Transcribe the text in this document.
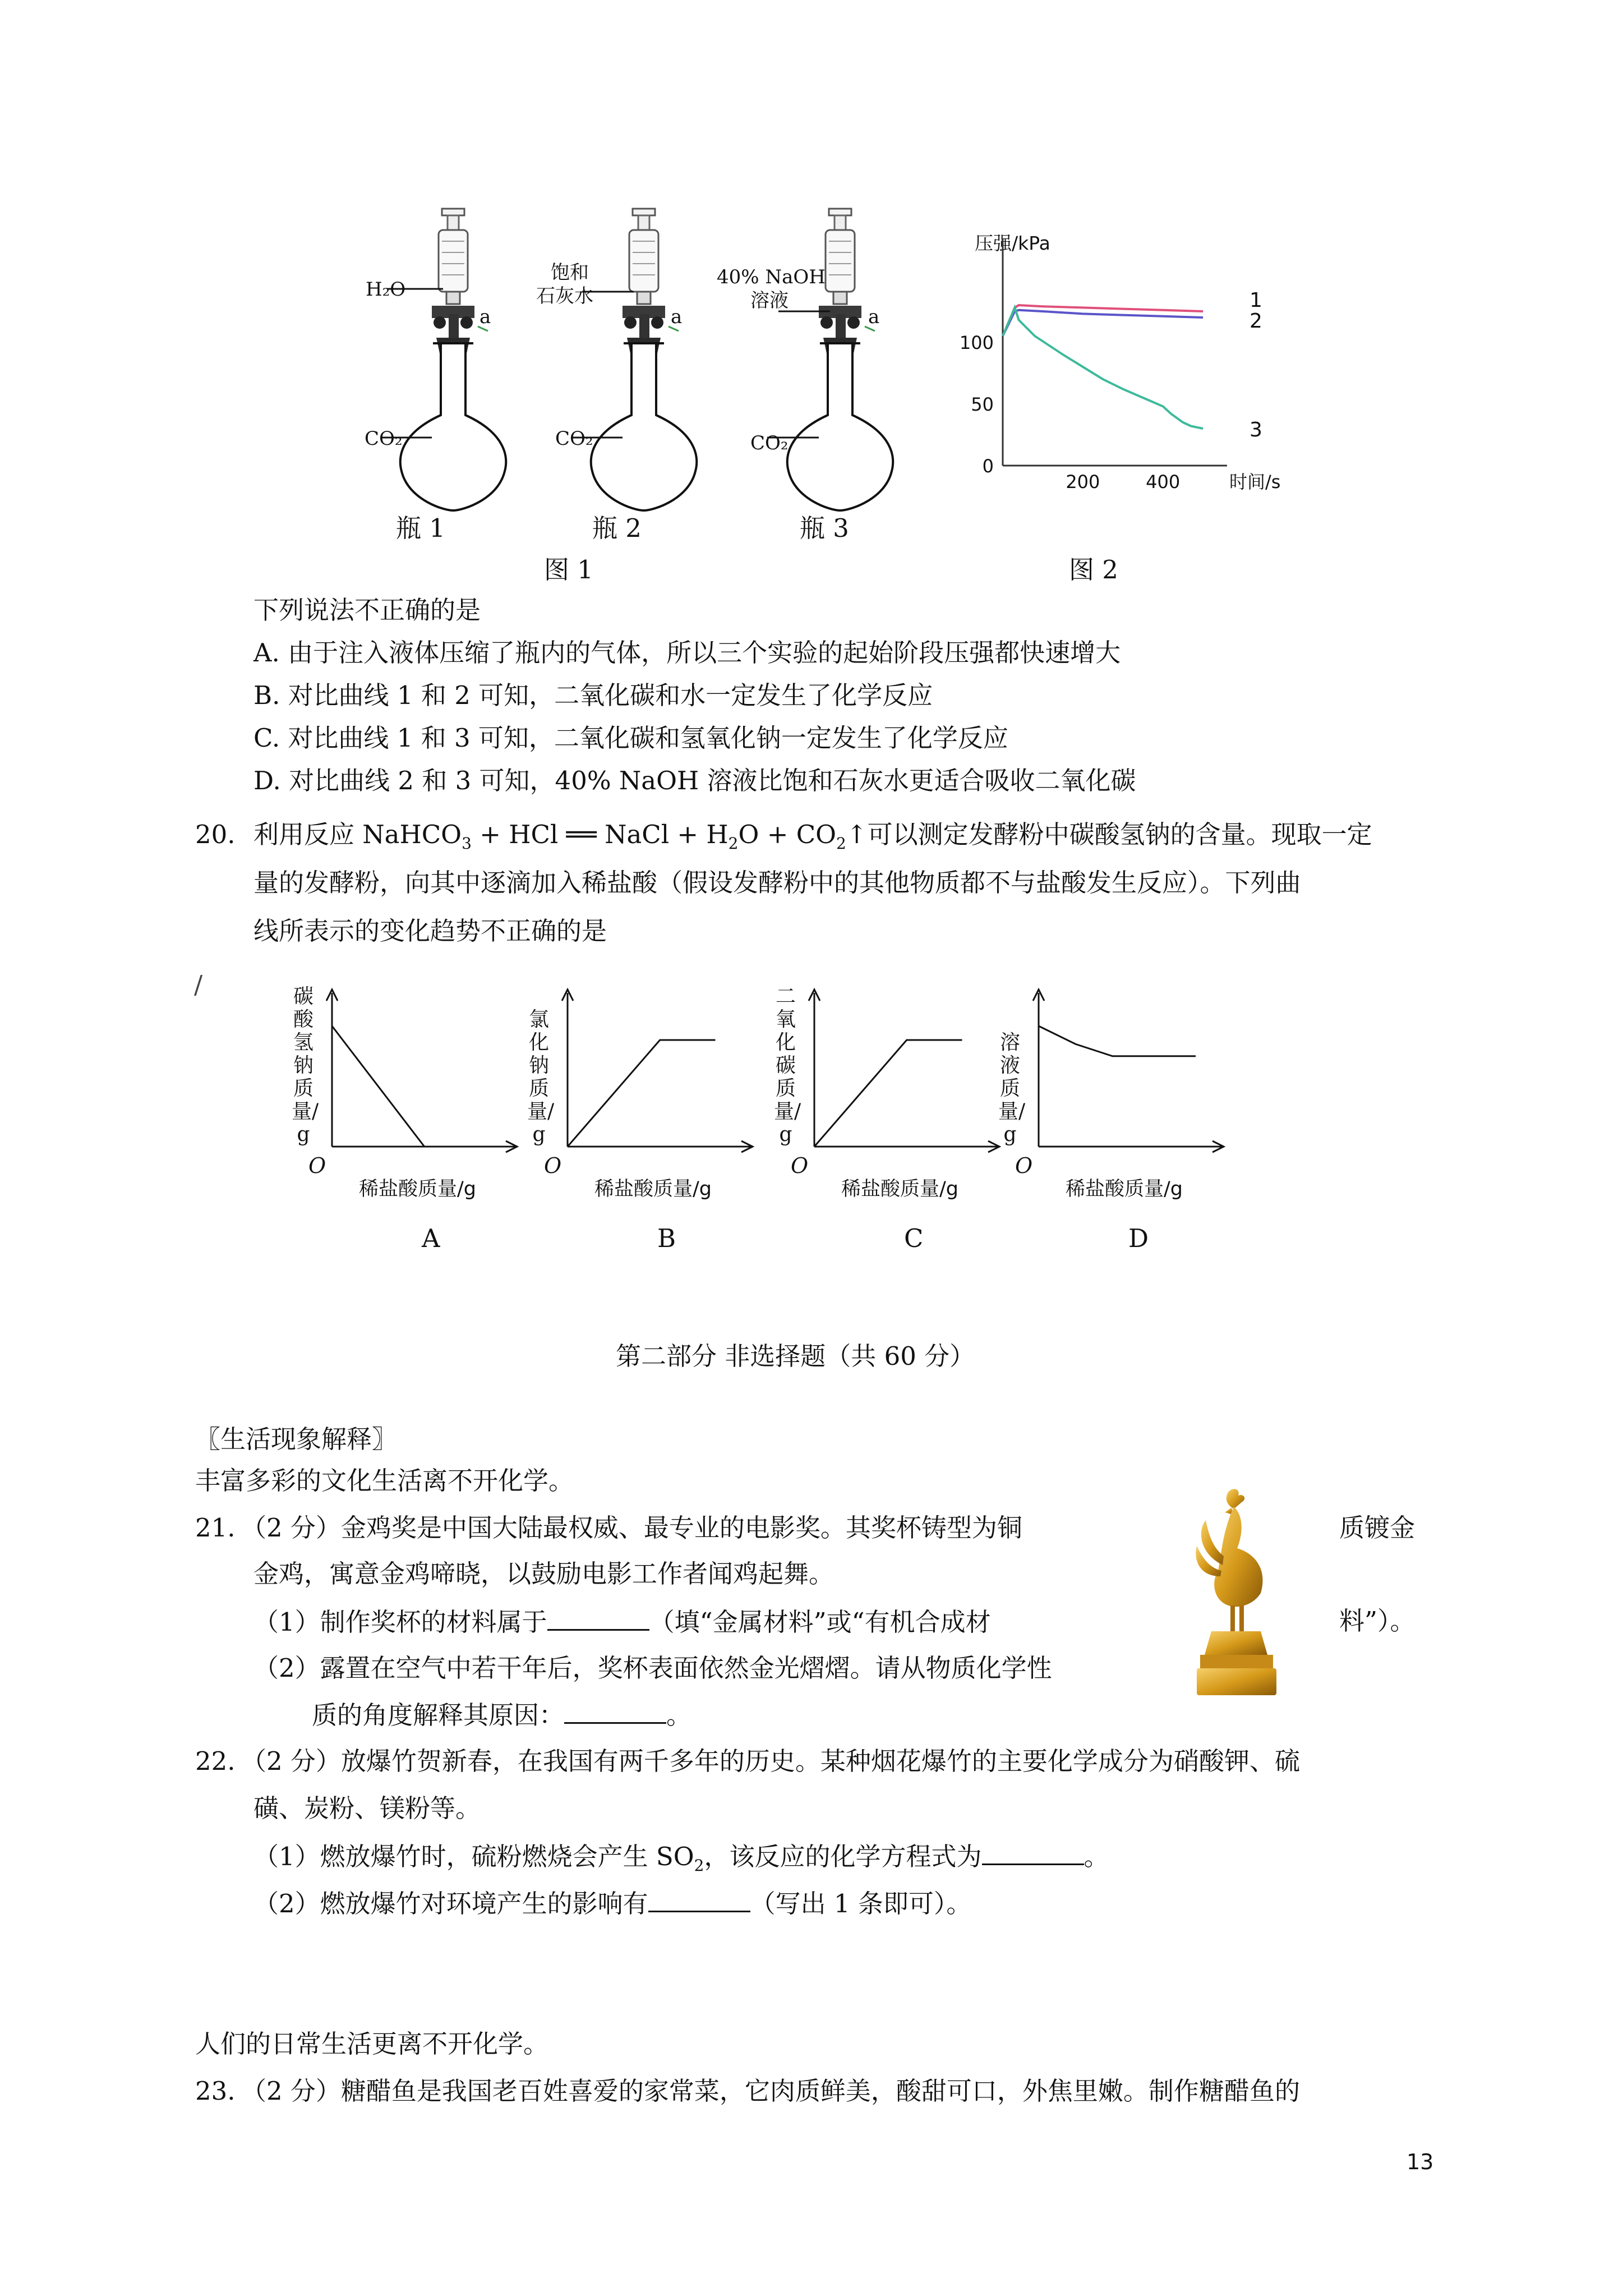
H₂O
a
CO₂
瓶 1
饱和
石灰水
a
CO₂
瓶 2
40% NaOH
溶液
a
CO₂
瓶 3
图 1
压强/kPa
0
50
100
200	400	时间/s
1
2
3
图 2
下列说法不正确的是
A. 由于注入液体压缩了瓶内的气体，所以三个实验的起始阶段压强都快速增大
B. 对比曲线 1 和 2 可知，二氧化碳和水一定发生了化学反应
C. 对比曲线 1 和 3 可知，二氧化碳和氢氧化钠一定发生了化学反应
D. 对比曲线 2 和 3 可知，40% NaOH 溶液比饱和石灰水更适合吸收二氧化碳
20. 利用反应 NaHCO$_3$ + HCl ══ NaCl + $H_2O$ + $CO_2↑$可以测定发酵粉中碳酸氢钠的含量。现取一定
量的发酵粉，向其中逐滴加入稀盐酸（假设发酵粉中的其他物质都不与盐酸发生反应）。下列曲
线所表示的变化趋势不正确的是
/	碳酸氢钠质量/g
O
稀盐酸质量/g
A
氯化钠质量/g
O
稀盐酸质量/g
B
二氧化碳质量/g
O
稀盐酸质量/g
C
溶液质量/g
O
稀盐酸质量/g
D
第二部分 非选择题（共 60 分）
〖生活现象解释〗
丰富多彩的文化生活离不开化学。
21. （2 分）金鸡奖是中国大陆最权威、最专业的电影奖。其奖杯铸型为铜	质镀金
金鸡，寓意金鸡啼晓，以鼓励电影工作者闻鸡起舞。
（1）制作奖杯的材料属于	（填“金属材料”或“有机合成材	料”）。
（2）露置在空气中若干年后，奖杯表面依然金光熠熠。请从物质化学性
质的角度解释其原因：	。
22. （2 分）放爆竹贺新春，在我国有两千多年的历史。某种烟花爆竹的主要化学成分为硝酸钾、硫
磺、炭粉、镁粉等。
（1）燃放爆竹时，硫粉燃烧会产生 $SO_2$，该反应的化学方程式为	。
（2）燃放爆竹对环境产生的影响有	（写出 1 条即可）。
人们的日常生活更离不开化学。
23. （2 分）糖醋鱼是我国老百姓喜爱的家常菜，它肉质鲜美，酸甜可口，外焦里嫩。制作糖醋鱼的
13
